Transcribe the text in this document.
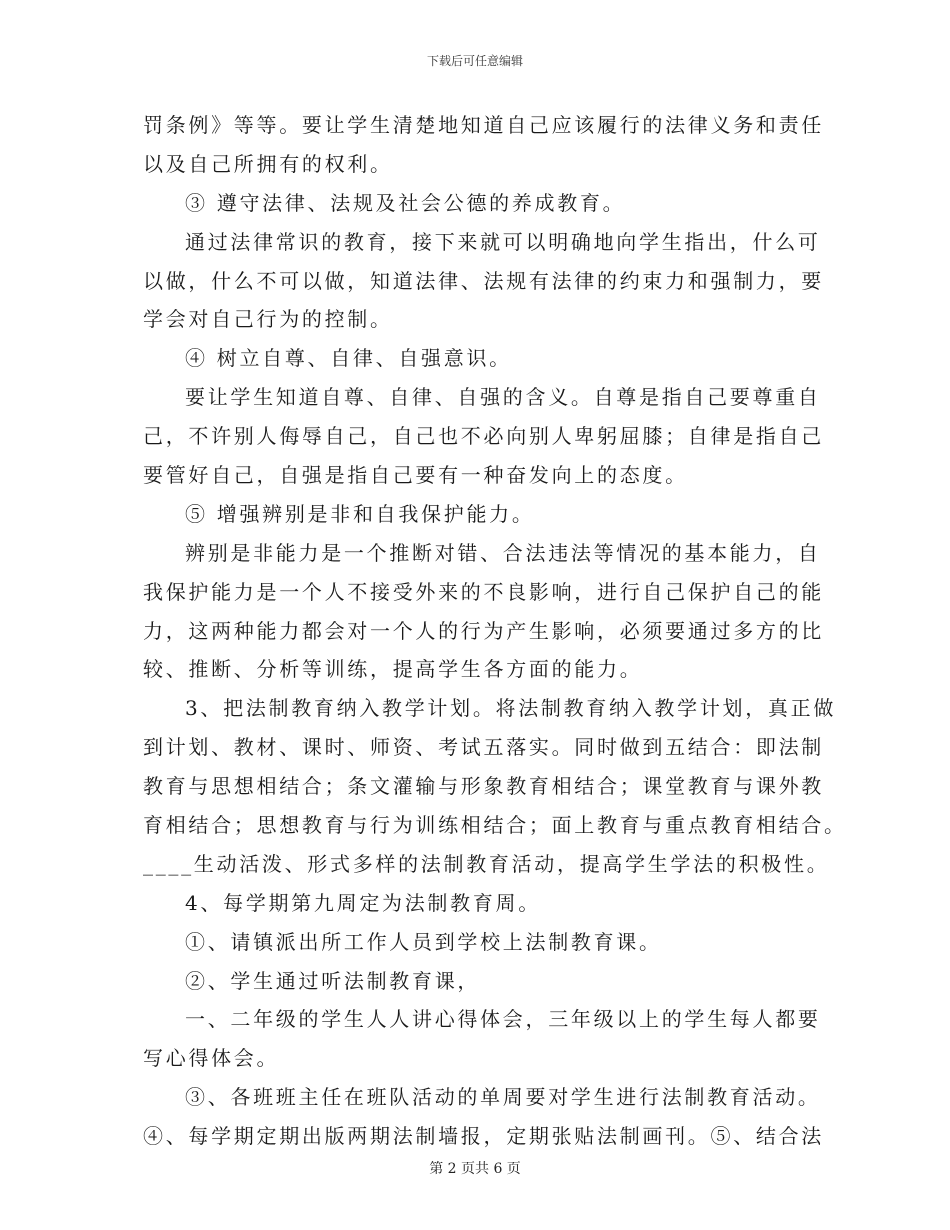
下载后可任意编辑
罚条例》等等。要让学生清楚地知道自己应该履行的法律义务和责任
以及自己所拥有的权利。
③ 遵守法律、法规及社会公德的养成教育。
通过法律常识的教育，接下来就可以明确地向学生指出，什么可
以做，什么不可以做，知道法律、法规有法律的约束力和强制力，要
学会对自己行为的控制。
④ 树立自尊、自律、自强意识。
要让学生知道自尊、自律、自强的含义。自尊是指自己要尊重自
己，不许别人侮辱自己，自己也不必向别人卑躬屈膝；自律是指自己
要管好自己，自强是指自己要有一种奋发向上的态度。
⑤ 增强辨别是非和自我保护能力。
辨别是非能力是一个推断对错、合法违法等情况的基本能力，自
我保护能力是一个人不接受外来的不良影响，进行自己保护自己的能
力，这两种能力都会对一个人的行为产生影响，必须要通过多方的比
较、推断、分析等训练，提高学生各方面的能力。
3、把法制教育纳入教学计划。将法制教育纳入教学计划，真正做
到计划、教材、课时、师资、考试五落实。同时做到五结合：即法制
教育与思想相结合；条文灌输与形象教育相结合；课堂教育与课外教
育相结合；思想教育与行为训练相结合；面上教育与重点教育相结合。
____生动活泼、形式多样的法制教育活动，提高学生学法的积极性。
4、每学期第九周定为法制教育周。
①、请镇派出所工作人员到学校上法制教育课。
②、学生通过听法制教育课，
一、二年级的学生人人讲心得体会，三年级以上的学生每人都要
写心得体会。
③、各班班主任在班队活动的单周要对学生进行法制教育活动。
④、每学期定期出版两期法制墙报，定期张贴法制画刊。⑤、结合法
第 2 页共 6 页
